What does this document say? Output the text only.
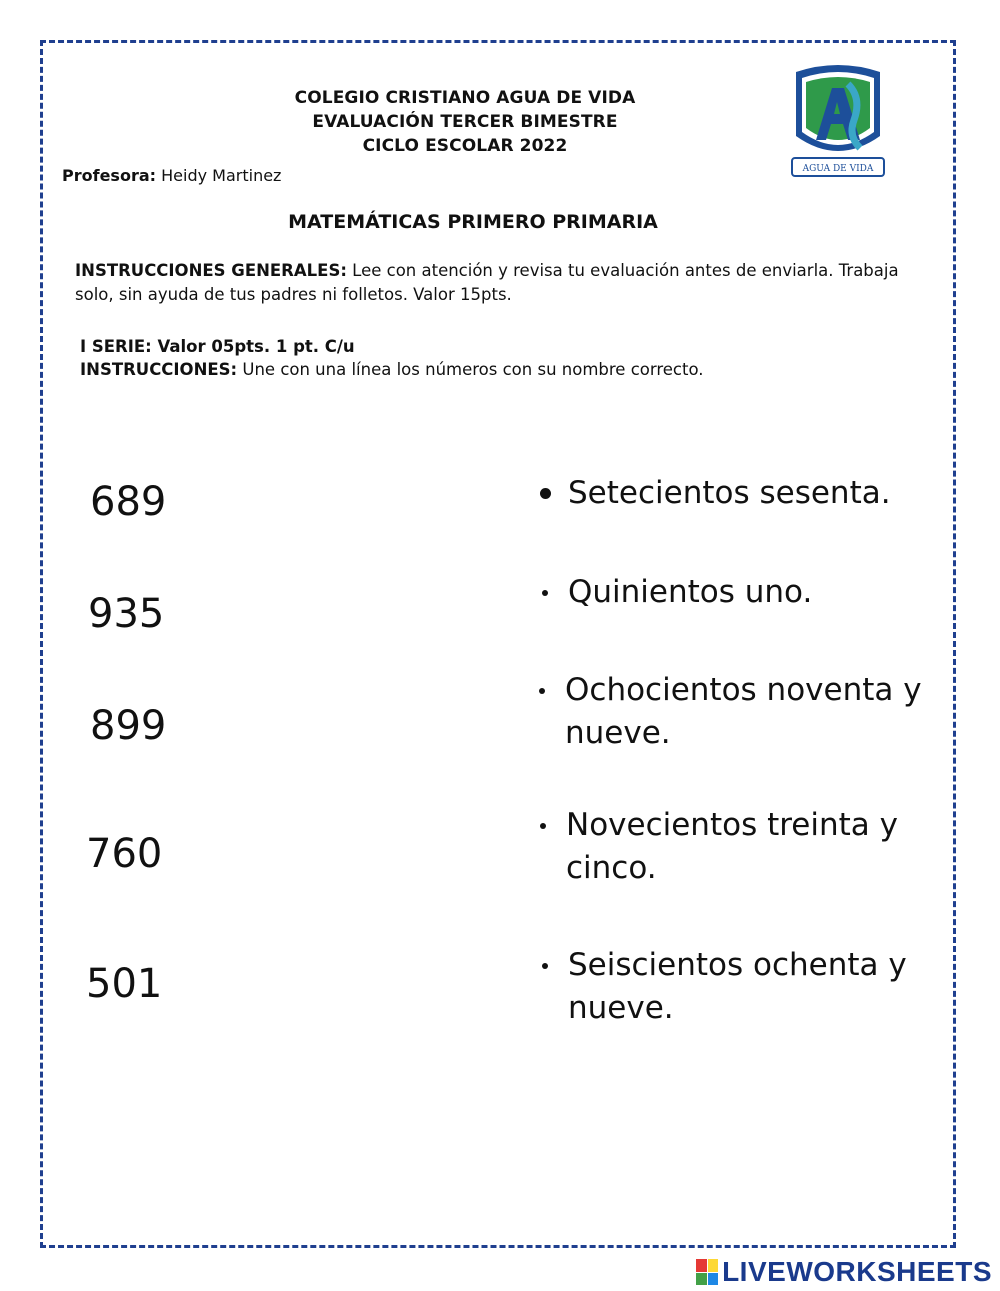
COLEGIO CRISTIANO AGUA DE VIDA
EVALUACIÓN TERCER BIMESTRE
CICLO ESCOLAR 2022
Profesora: Heidy Martinez	AGUA DE VIDA
MATEMÁTICAS PRIMERO PRIMARIA
INSTRUCCIONES GENERALES: Lee con atención y revisa tu evaluación antes de enviarla. Trabaja solo, sin ayuda de tus padres ni folletos. Valor 15pts.
I SERIE: Valor 05pts. 1 pt. C/u
INSTRUCCIONES: Une con una línea los números con su nombre correcto.
689
935
899
760
501
Setecientos sesenta.
Quinientos uno.
Ochocientos noventa y nueve.
Novecientos treinta y cinco.
Seiscientos ochenta y nueve.
LIVEWORKSHEETS
